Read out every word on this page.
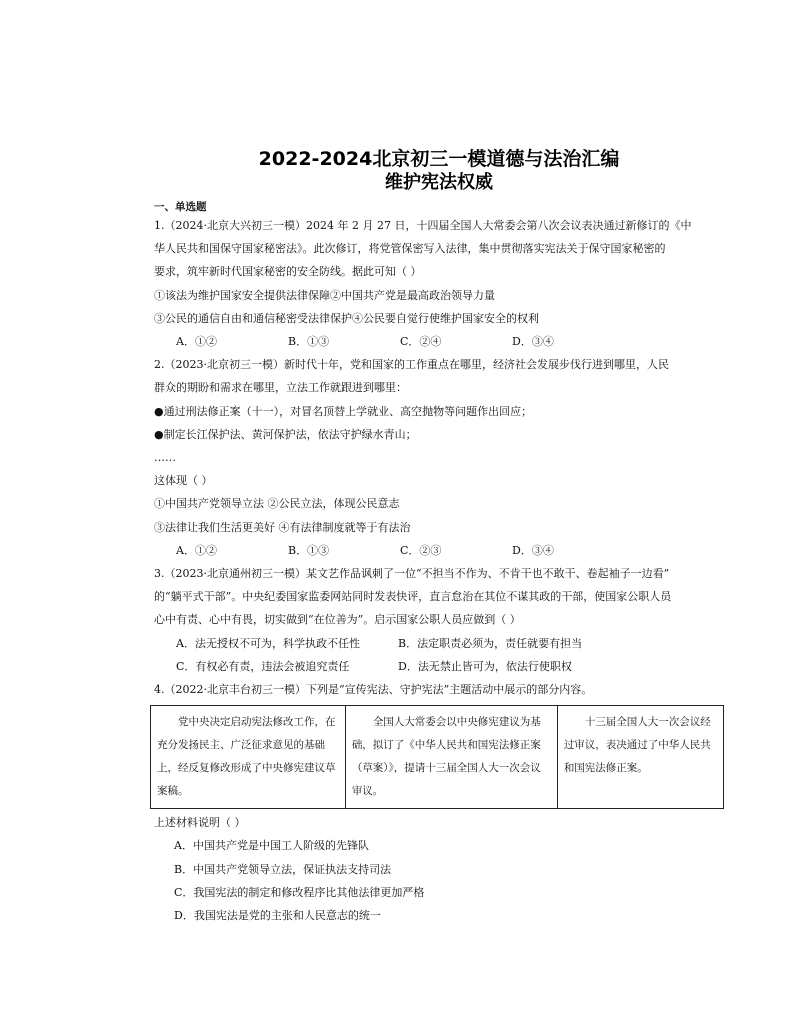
2022-2024北京初三一模道德与法治汇编
维护宪法权威
一、单选题
1.（2024·北京大兴初三一模）2024 年 2 月 27 日，十四届全国人大常委会第八次会议表决通过新修订的《中
华人民共和国保守国家秘密法》。此次修订，将党管保密写入法律，集中贯彻落实宪法关于保守国家秘密的
要求，筑牢新时代国家秘密的安全防线。据此可知（ ）
①该法为维护国家安全提供法律保障②中国共产党是最高政治领导力量
③公民的通信自由和通信秘密受法律保护④公民要自觉行使维护国家安全的权利
A．①②	B．①③	C．②④	D．③④
2.（2023·北京初三一模）新时代十年，党和国家的工作重点在哪里，经济社会发展步伐行进到哪里，人民
群众的期盼和需求在哪里，立法工作就跟进到哪里：
●通过刑法修正案（十一），对冒名顶替上学就业、高空抛物等问题作出回应；
●制定长江保护法、黄河保护法，依法守护绿水青山；
……
这体现（ ）
①中国共产党领导立法 ②公民立法，体现公民意志
③法律让我们生活更美好 ④有法律制度就等于有法治
A．①②	B．①③	C．②③	D．③④
3.（2023·北京通州初三一模）某文艺作品讽刺了一位“不担当不作为、不肯干也不敢干、卷起袖子一边看”
的“躺平式干部”。中央纪委国家监委网站同时发表快评，直言怠治在其位不谋其政的干部，使国家公职人员
心中有责、心中有畏，切实做到“在位善为”。启示国家公职人员应做到（ ）
A．法无授权不可为，科学执政不任性	B．法定职责必须为，责任就要有担当
C．有权必有责，违法会被追究责任	D．法无禁止皆可为，依法行使职权
4.（2022·北京丰台初三一模）下列是“宣传宪法、守护宪法”主题活动中展示的部分内容。
党中央决定启动宪法修改工作，在充分发扬民主、广泛征求意见的基础上，经反复修改形成了中央修宪建议草案稿。	全国人大常委会以中央修宪建议为基础，拟订了《中华人民共和国宪法修正案（草案）》，提请十三届全国人大一次会议审议。	十三届全国人大一次会议经过审议，表决通过了中华人民共和国宪法修正案。
上述材料说明（ ）
A．中国共产党是中国工人阶级的先锋队
B．中国共产党领导立法，保证执法支持司法
C．我国宪法的制定和修改程序比其他法律更加严格
D．我国宪法是党的主张和人民意志的统一
